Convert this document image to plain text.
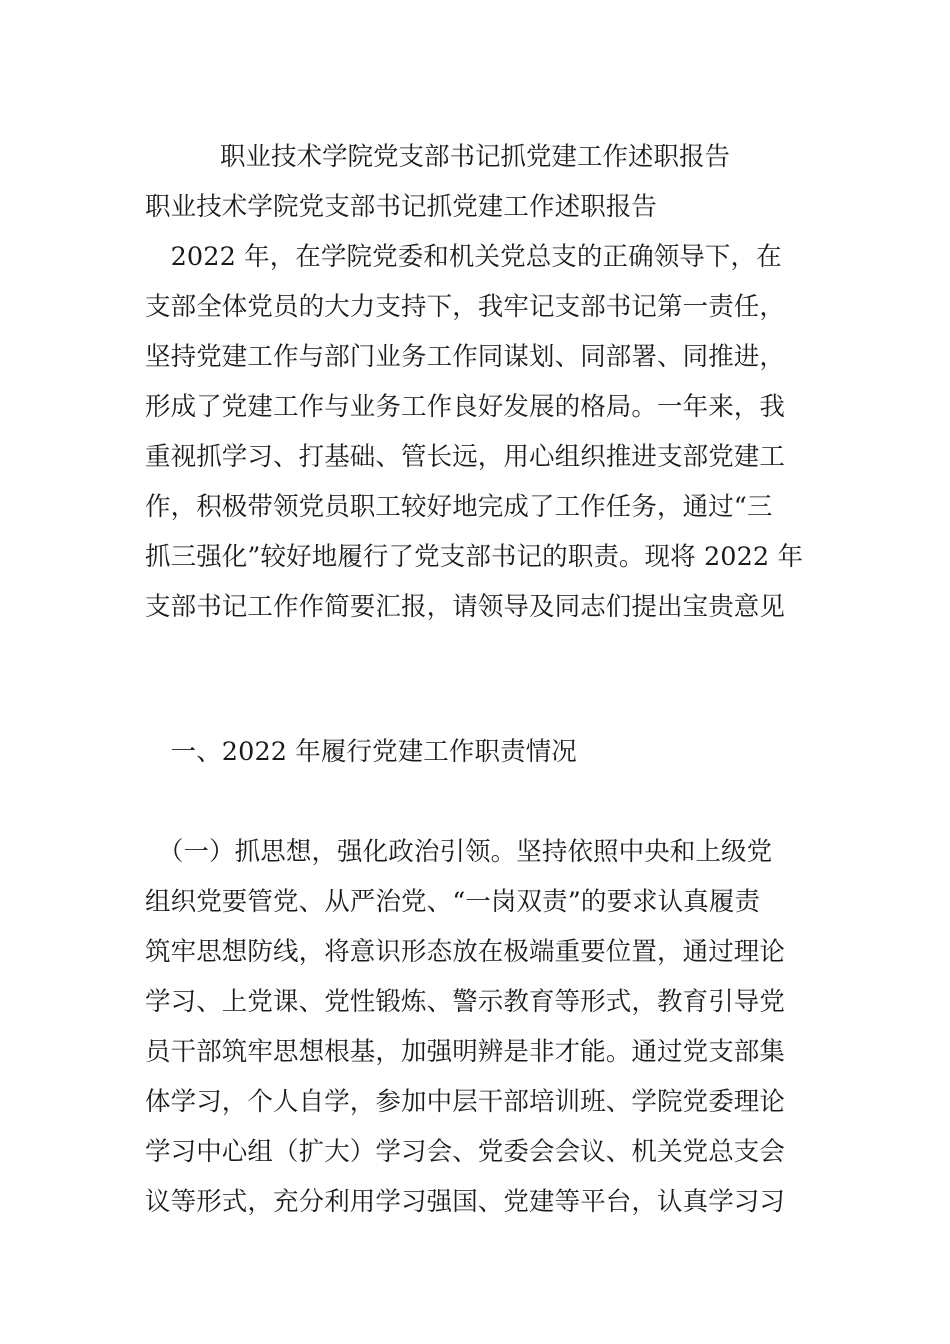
职业技术学院党支部书记抓党建工作述职报告
职业技术学院党支部书记抓党建工作述职报告
　2022 年，在学院党委和机关党总支的正确领导下，在
支部全体党员的大力支持下，我牢记支部书记第一责任，
坚持党建工作与部门业务工作同谋划、同部署、同推进，
形成了党建工作与业务工作良好发展的格局。一年来，我
重视抓学习、打基础、管长远，用心组织推进支部党建工
作，积极带领党员职工较好地完成了工作任务，通过“三
抓三强化”较好地履行了党支部书记的职责。现将 2022 年
支部书记工作作简要汇报，请领导及同志们提出宝贵意见
　一、2022 年履行党建工作职责情况
　（一）抓思想，强化政治引领。坚持依照中央和上级党
组织党要管党、从严治党、“一岗双责”的要求认真履责
筑牢思想防线，将意识形态放在极端重要位置，通过理论
学习、上党课、党性锻炼、警示教育等形式，教育引导党
员干部筑牢思想根基，加强明辨是非才能。通过党支部集
体学习，个人自学，参加中层干部培训班、学院党委理论
学习中心组（扩大）学习会、党委会会议、机关党总支会
议等形式，充分利用学习强国、党建等平台，认真学习习
